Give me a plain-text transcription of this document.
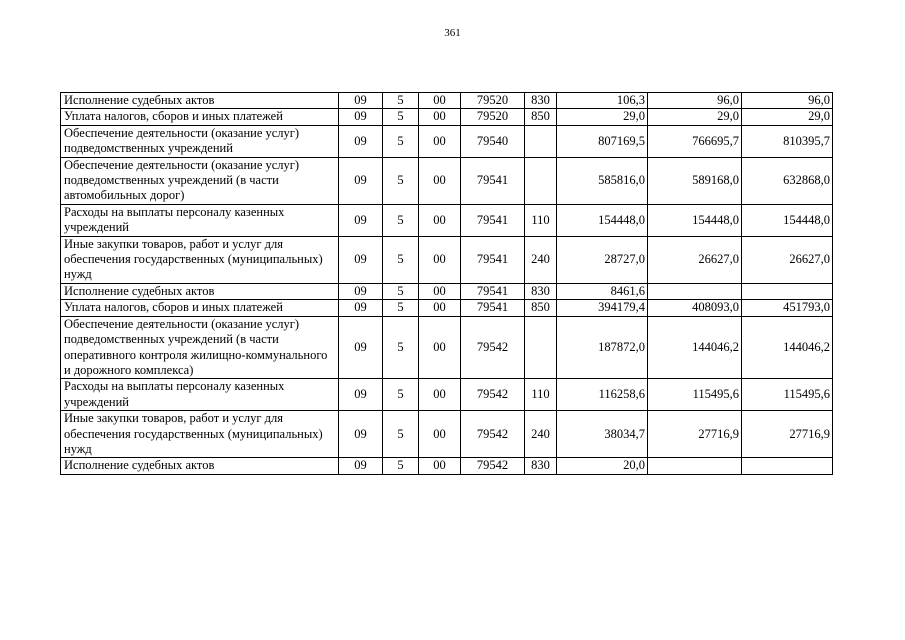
361
Исполнение судебных актов	09	5	00	79520	830	106,3	96,0	96,0
Уплата налогов, сборов и иных платежей	09	5	00	79520	850	29,0	29,0	29,0
Обеспечение деятельности (оказание услуг) подведомственных учреждений	09	5	00	79540		807169,5	766695,7	810395,7
Обеспечение деятельности (оказание услуг) подведомственных учреждений (в части автомобильных дорог)	09	5	00	79541		585816,0	589168,0	632868,0
Расходы на выплаты персоналу казенных учреждений	09	5	00	79541	110	154448,0	154448,0	154448,0
Иные закупки товаров, работ и услуг для обеспечения государственных (муниципальных) нужд	09	5	00	79541	240	28727,0	26627,0	26627,0
Исполнение судебных актов	09	5	00	79541	830	8461,6		
Уплата налогов, сборов и иных платежей	09	5	00	79541	850	394179,4	408093,0	451793,0
Обеспечение деятельности (оказание услуг) подведомственных учреждений (в части оперативного контроля жилищно-коммунального и дорожного комплекса)	09	5	00	79542		187872,0	144046,2	144046,2
Расходы на выплаты персоналу казенных учреждений	09	5	00	79542	110	116258,6	115495,6	115495,6
Иные закупки товаров, работ и услуг для обеспечения государственных (муниципальных) нужд	09	5	00	79542	240	38034,7	27716,9	27716,9
Исполнение судебных актов	09	5	00	79542	830	20,0		
